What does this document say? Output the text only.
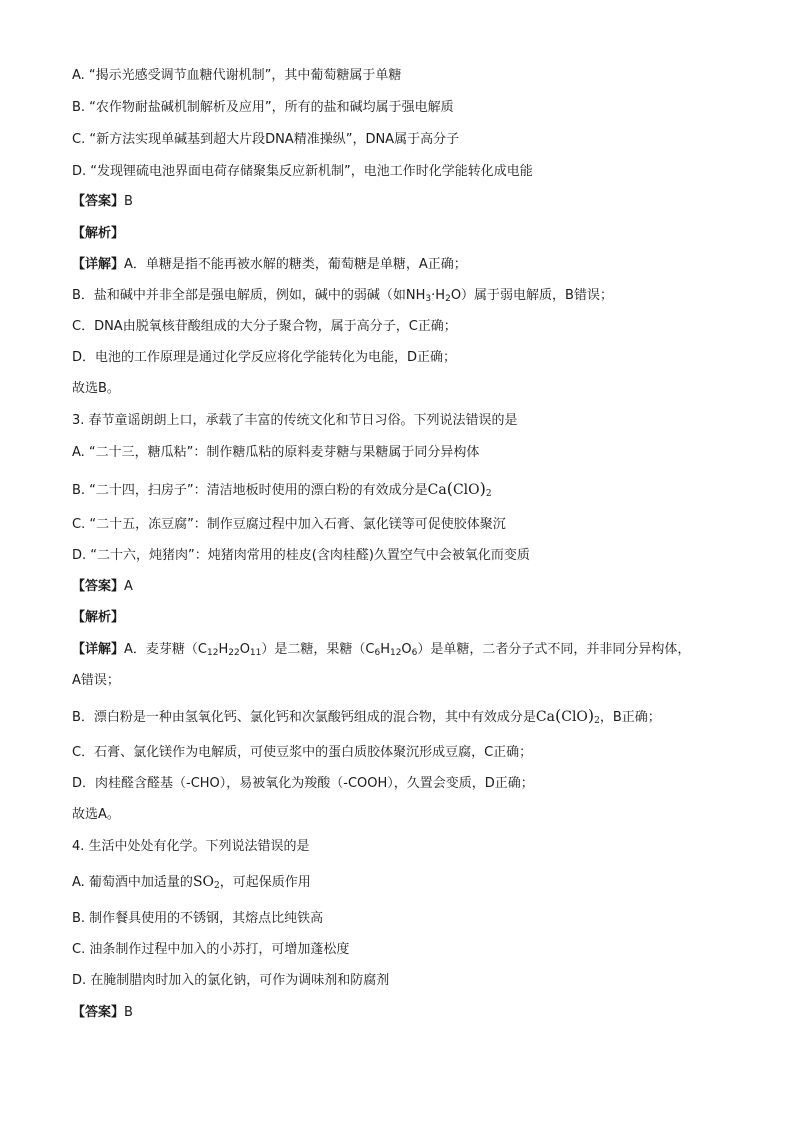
A. “揭示光感受调节血糖代谢机制”，其中葡萄糖属于单糖
B. “农作物耐盐碱机制解析及应用”，所有的盐和碱均属于强电解质
C. “新方法实现单碱基到超大片段DNA精准操纵”，DNA属于高分子
D. “发现锂硫电池界面电荷存储聚集反应新机制”，电池工作时化学能转化成电能
【答案】B
【解析】
【详解】A．单糖是指不能再被水解的糖类，葡萄糖是单糖，A正确；
B．盐和碱中并非全部是强电解质，例如，碱中的弱碱（如$NH_3\cdot H_2O$）属于弱电解质，B错误；
C．DNA由脱氧核苷酸组成的大分子聚合物，属于高分子，C正确；
D．电池的工作原理是通过化学反应将化学能转化为电能，D正确；
故选B。
3. 春节童谣朗朗上口，承载了丰富的传统文化和节日习俗。下列说法错误的是
A. “二十三，糖瓜粘”：制作糖瓜粘的原料麦芽糖与果糖属于同分异构体
B. “二十四，扫房子”：清洁地板时使用的漂白粉的有效成分是$Ca(ClO)_2$
C. “二十五，冻豆腐”：制作豆腐过程中加入石膏、氯化镁等可促使胶体聚沉
D. “二十六，炖猪肉”：炖猪肉常用的桂皮(含肉桂醛)久置空气中会被氧化而变质
【答案】A
【解析】
【详解】A．麦芽糖$(C_{12}H_{22}O_{11})$是二糖，果糖$(C_6H_{12}O_6)$是单糖，二者分子式不同，并非同分异构体，
A错误；
B．漂白粉是一种由氢氧化钙、氯化钙和次氯酸钙组成的混合物，其中有效成分是$Ca(ClO)_2$，B正确；
C．石膏、氯化镁作为电解质，可使豆浆中的蛋白质胶体聚沉形成豆腐，C正确；
D．肉桂醛含醛基（-CHO），易被氧化为羧酸（-COOH），久置会变质，D正确；
故选A。
4. 生活中处处有化学。下列说法错误的是
A. 葡萄酒中加适量的$SO_2$，可起保质作用
B. 制作餐具使用的不锈钢，其熔点比纯铁高
C. 油条制作过程中加入的小苏打，可增加蓬松度
D. 在腌制腊肉时加入的氯化钠，可作为调味剂和防腐剂
【答案】B
